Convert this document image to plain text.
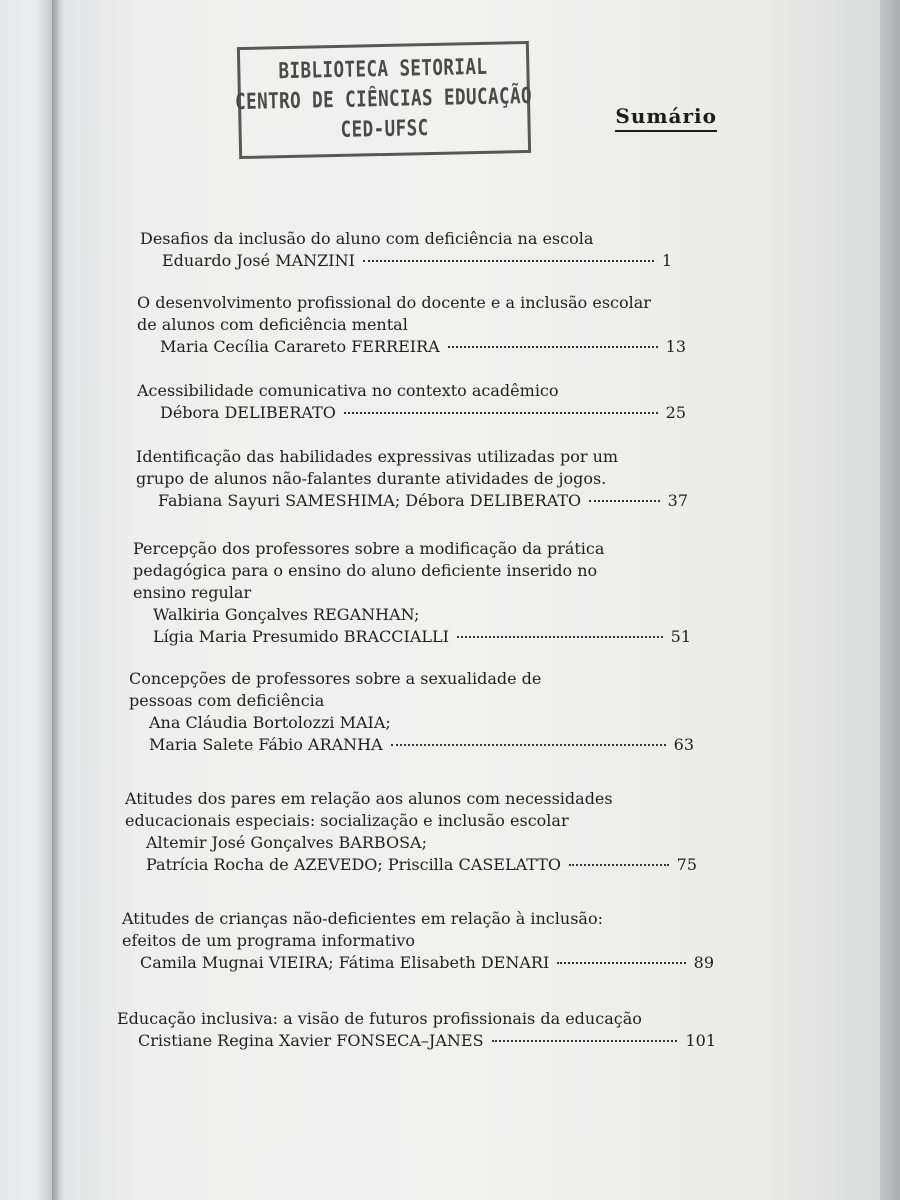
BIBLIOTECA SETORIAL
CENTRO DE CIÊNCIAS EDUCAÇÃO
CED-UFSC
Sumário
Desafios da inclusão do aluno com deficiência na escola
Eduardo José MANZINI	1
O desenvolvimento profissional do docente e a inclusão escolar
de alunos com deficiência mental
Maria Cecília Carareto FERREIRA	13
Acessibilidade comunicativa no contexto acadêmico
Débora DELIBERATO	25
Identificação das habilidades expressivas utilizadas por um
grupo de alunos não-falantes durante atividades de jogos.
Fabiana Sayuri SAMESHIMA; Débora DELIBERATO	37
Percepção dos professores sobre a modificação da prática
pedagógica para o ensino do aluno deficiente inserido no
ensino regular
Walkiria Gonçalves REGANHAN;
Lígia Maria Presumido BRACCIALLI	51
Concepções de professores sobre a sexualidade de
pessoas com deficiência
Ana Cláudia Bortolozzi MAIA;
Maria Salete Fábio ARANHA	63
Atitudes dos pares em relação aos alunos com necessidades
educacionais especiais: socialização e inclusão escolar
Altemir José Gonçalves BARBOSA;
Patrícia Rocha de AZEVEDO; Priscilla CASELATTO	75
Atitudes de crianças não-deficientes em relação à inclusão:
efeitos de um programa informativo
Camila Mugnai VIEIRA; Fátima Elisabeth DENARI	89
Educação inclusiva: a visão de futuros profissionais da educação
Cristiane Regina Xavier FONSECA–JANES	101
